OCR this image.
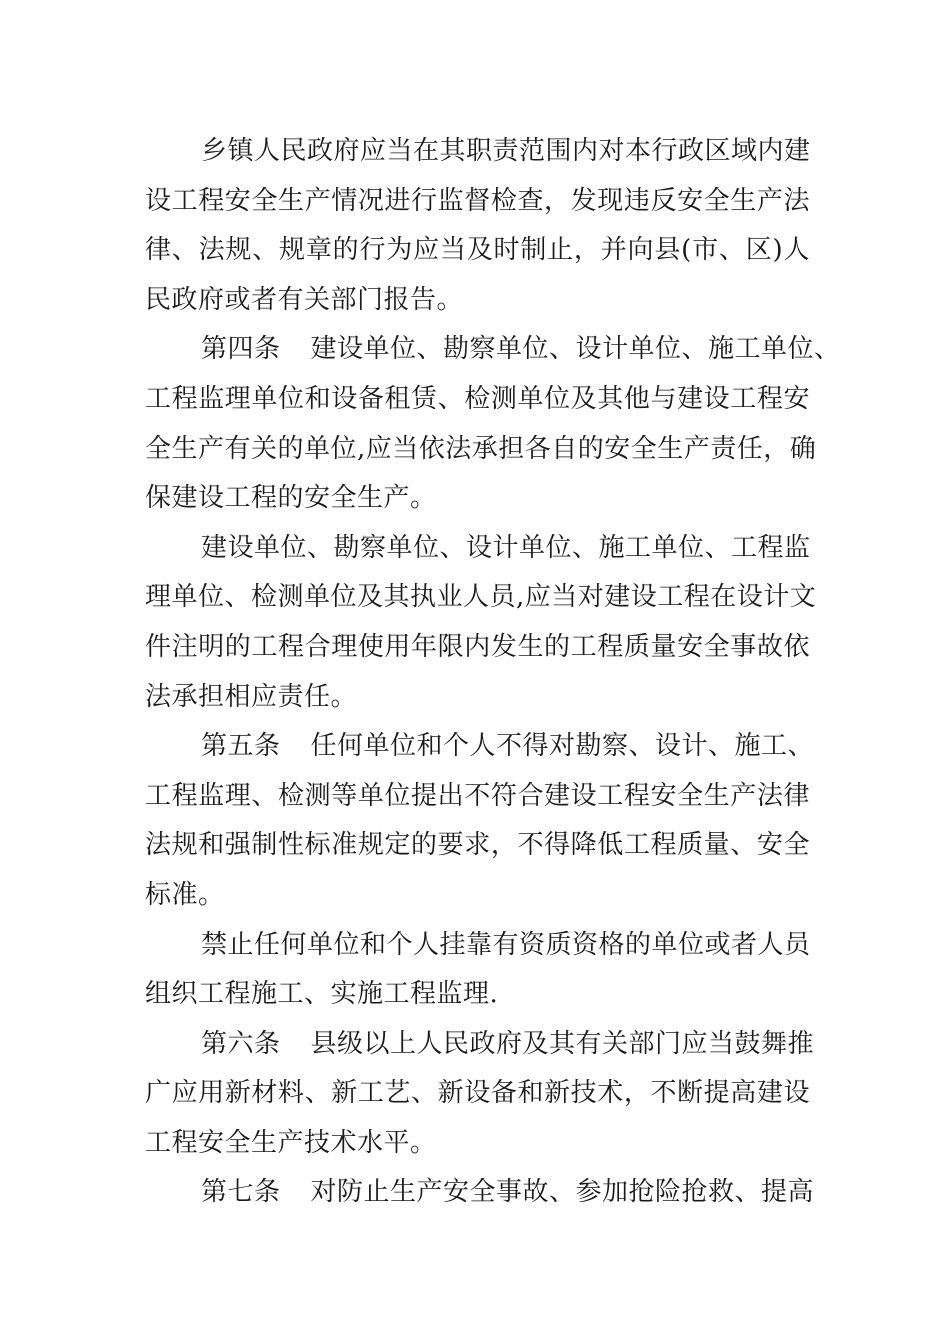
乡镇人民政府应当在其职责范围内对本行政区域内建
设工程安全生产情况进行监督检查，发现违反安全生产法
律、法规、规章的行为应当及时制止，并向县(市、区)人
民政府或者有关部门报告。
第四条 建设单位、勘察单位、设计单位、施工单位、
工程监理单位和设备租赁、检测单位及其他与建设工程安
全生产有关的单位,应当依法承担各自的安全生产责任，确
保建设工程的安全生产。
建设单位、勘察单位、设计单位、施工单位、工程监
理单位、检测单位及其执业人员,应当对建设工程在设计文
件注明的工程合理使用年限内发生的工程质量安全事故依
法承担相应责任。
第五条 任何单位和个人不得对勘察、设计、施工、
工程监理、检测等单位提出不符合建设工程安全生产法律
法规和强制性标准规定的要求，不得降低工程质量、安全
标准。
禁止任何单位和个人挂靠有资质资格的单位或者人员
组织工程施工、实施工程监理.
第六条 县级以上人民政府及其有关部门应当鼓舞推
广应用新材料、新工艺、新设备和新技术，不断提高建设
工程安全生产技术水平。
第七条 对防止生产安全事故、参加抢险抢救、提高
